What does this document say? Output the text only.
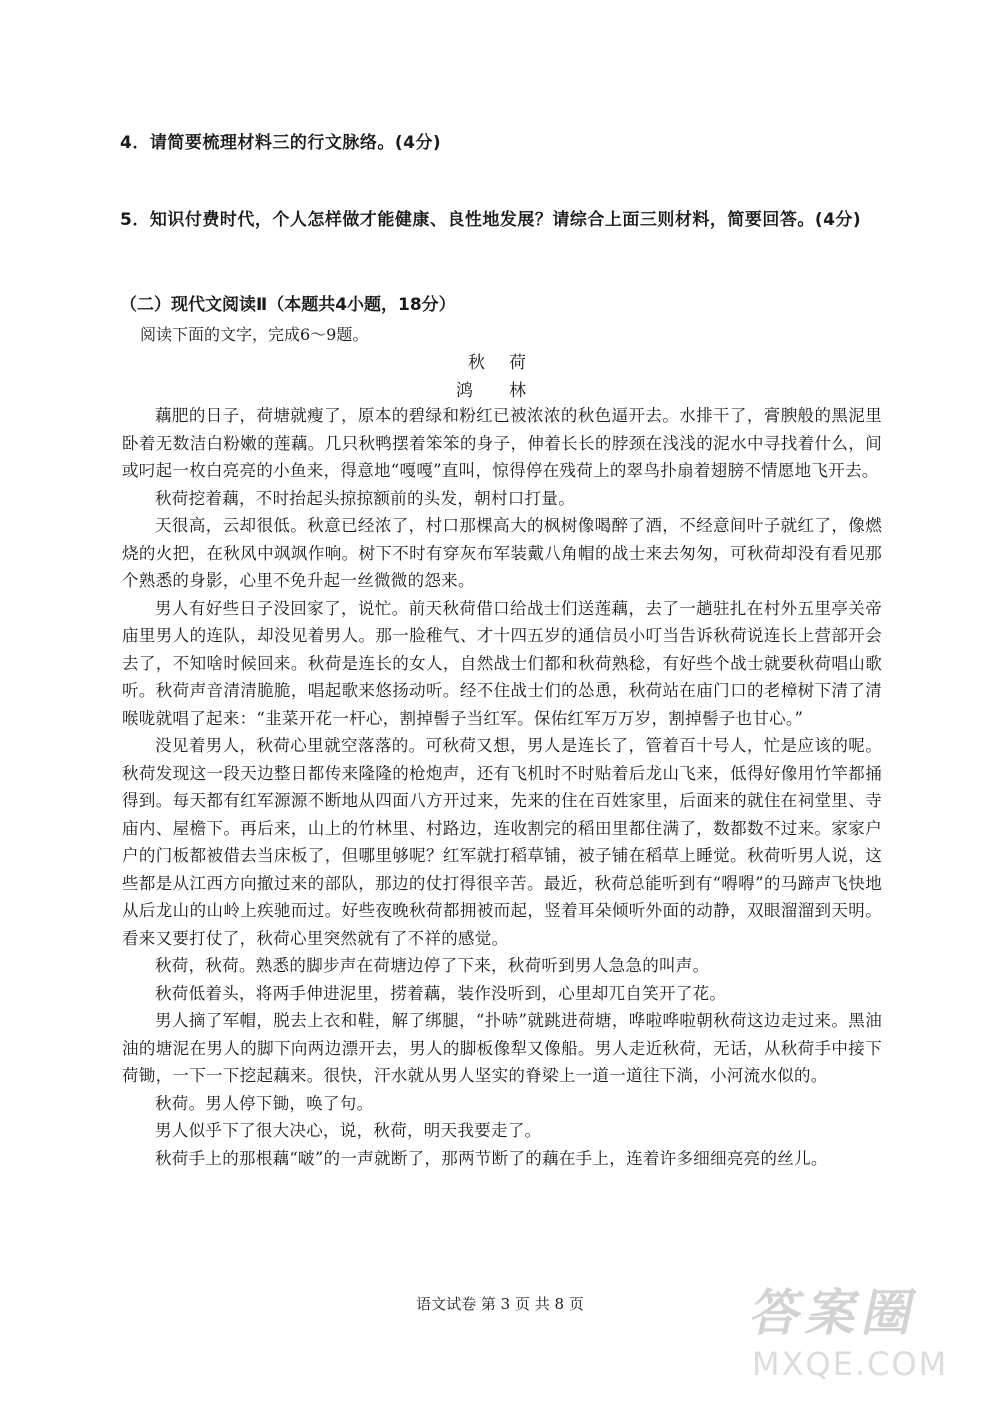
4．请简要梳理材料三的行文脉络。(4分)

5．知识付费时代，个人怎样做才能健康、良性地发展？请综合上面三则材料，简要回答。(4分)

（二）现代文阅读Ⅱ（本题共4小题，18分）

阅读下面的文字，完成6～9题。

秋荷

鸿林

藕肥的日子，荷塘就瘦了，原本的碧绿和粉红已被浓浓的秋色逼开去。水排干了，膏腴般的黑泥里卧着无数洁白粉嫩的莲藕。几只秋鸭摆着笨笨的身子，伸着长长的脖颈在浅浅的泥水中寻找着什么，间或叼起一枚白亮亮的小鱼来，得意地“嘎嘎”直叫，惊得停在残荷上的翠鸟扑扇着翅膀不情愿地飞开去。

秋荷挖着藕，不时抬起头掠掠额前的头发，朝村口打量。

天很高，云却很低。秋意已经浓了，村口那棵高大的枫树像喝醉了酒，不经意间叶子就红了，像燃烧的火把，在秋风中飒飒作响。树下不时有穿灰布军装戴八角帽的战士来去匆匆，可秋荷却没有看见那个熟悉的身影，心里不免升起一丝微微的怨来。

男人有好些日子没回家了，说忙。前天秋荷借口给战士们送莲藕，去了一趟驻扎在村外五里亭关帝庙里男人的连队，却没见着男人。那一脸稚气、才十四五岁的通信员小叮当告诉秋荷说连长上营部开会去了，不知啥时候回来。秋荷是连长的女人，自然战士们都和秋荷熟稔，有好些个战士就要秋荷唱山歌听。秋荷声音清清脆脆，唱起歌来悠扬动听。经不住战士们的怂恿，秋荷站在庙门口的老樟树下清了清喉咙就唱了起来：“韭菜开花一杆心，割掉髻子当红军。保佑红军万万岁，割掉髻子也甘心。”

没见着男人，秋荷心里就空落落的。可秋荷又想，男人是连长了，管着百十号人，忙是应该的呢。秋荷发现这一段天边整日都传来隆隆的枪炮声，还有飞机时不时贴着后龙山飞来，低得好像用竹竿都捅得到。每天都有红军源源不断地从四面八方开过来，先来的住在百姓家里，后面来的就住在祠堂里、寺庙内、屋檐下。再后来，山上的竹林里、村路边，连收割完的稻田里都住满了，数都数不过来。家家户户的门板都被借去当床板了，但哪里够呢？红军就打稻草铺，被子铺在稻草上睡觉。秋荷听男人说，这些都是从江西方向撤过来的部队，那边的仗打得很辛苦。最近，秋荷总能听到有“嘚嘚”的马蹄声飞快地从后龙山的山岭上疾驰而过。好些夜晚秋荷都拥被而起，竖着耳朵倾听外面的动静，双眼溜溜到天明。看来又要打仗了，秋荷心里突然就有了不祥的感觉。

秋荷，秋荷。熟悉的脚步声在荷塘边停了下来，秋荷听到男人急急的叫声。

秋荷低着头，将两手伸进泥里，捞着藕，装作没听到，心里却兀自笑开了花。

男人摘了军帽，脱去上衣和鞋，解了绑腿，“扑哧”就跳进荷塘，哗啦哗啦朝秋荷这边走过来。黑油油的塘泥在男人的脚下向两边漂开去，男人的脚板像犁又像船。男人走近秋荷，无话，从秋荷手中接下荷锄，一下一下挖起藕来。很快，汗水就从男人坚实的脊梁上一道一道往下淌，小河流水似的。

秋荷。男人停下锄，唤了句。

男人似乎下了很大决心，说，秋荷，明天我要走了。

秋荷手上的那根藕“啵”的一声就断了，那两节断了的藕在手上，连着许多细细亮亮的丝儿。

语文试卷 第 3 页 共 8 页	答案圈
MXQE.COM
